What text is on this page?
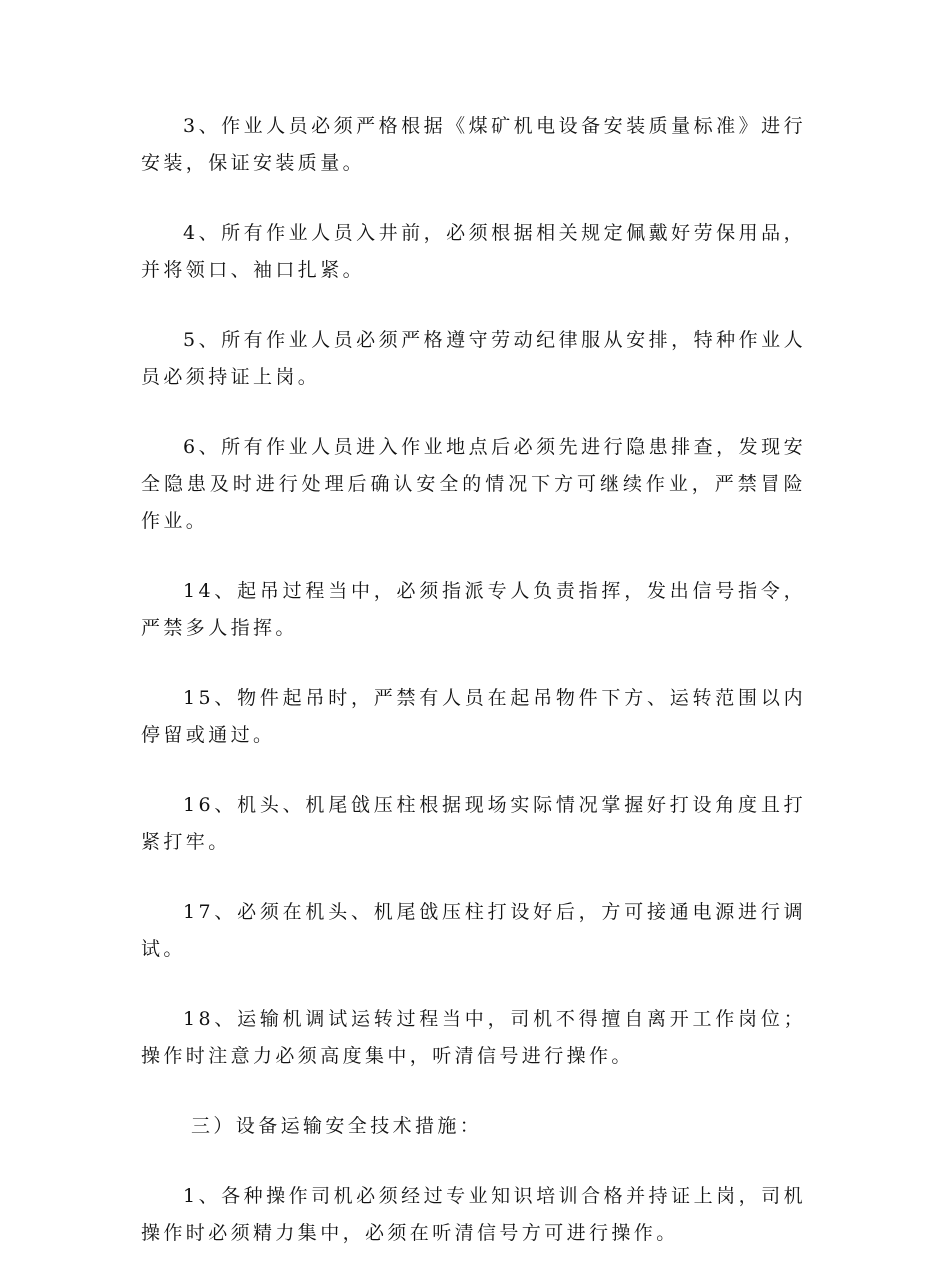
3、作业人员必须严格根据《煤矿机电设备安装质量标准》进行安装，保证安装质量。

4、所有作业人员入井前，必须根据相关规定佩戴好劳保用品，并将领口、袖口扎紧。

5、所有作业人员必须严格遵守劳动纪律服从安排，特种作业人员必须持证上岗。

6、所有作业人员进入作业地点后必须先进行隐患排查，发现安全隐患及时进行处理后确认安全的情况下方可继续作业，严禁冒险作业。

14、起吊过程当中，必须指派专人负责指挥，发出信号指令，严禁多人指挥。

15、物件起吊时，严禁有人员在起吊物件下方、运转范围以内停留或通过。

16、机头、机尾戗压柱根据现场实际情况掌握好打设角度且打紧打牢。

17、必须在机头、机尾戗压柱打设好后，方可接通电源进行调试。

18、运输机调试运转过程当中，司机不得擅自离开工作岗位；操作时注意力必须高度集中，听清信号进行操作。

三）设备运输安全技术措施：

1、各种操作司机必须经过专业知识培训合格并持证上岗，司机操作时必须精力集中，必须在听清信号方可进行操作。
